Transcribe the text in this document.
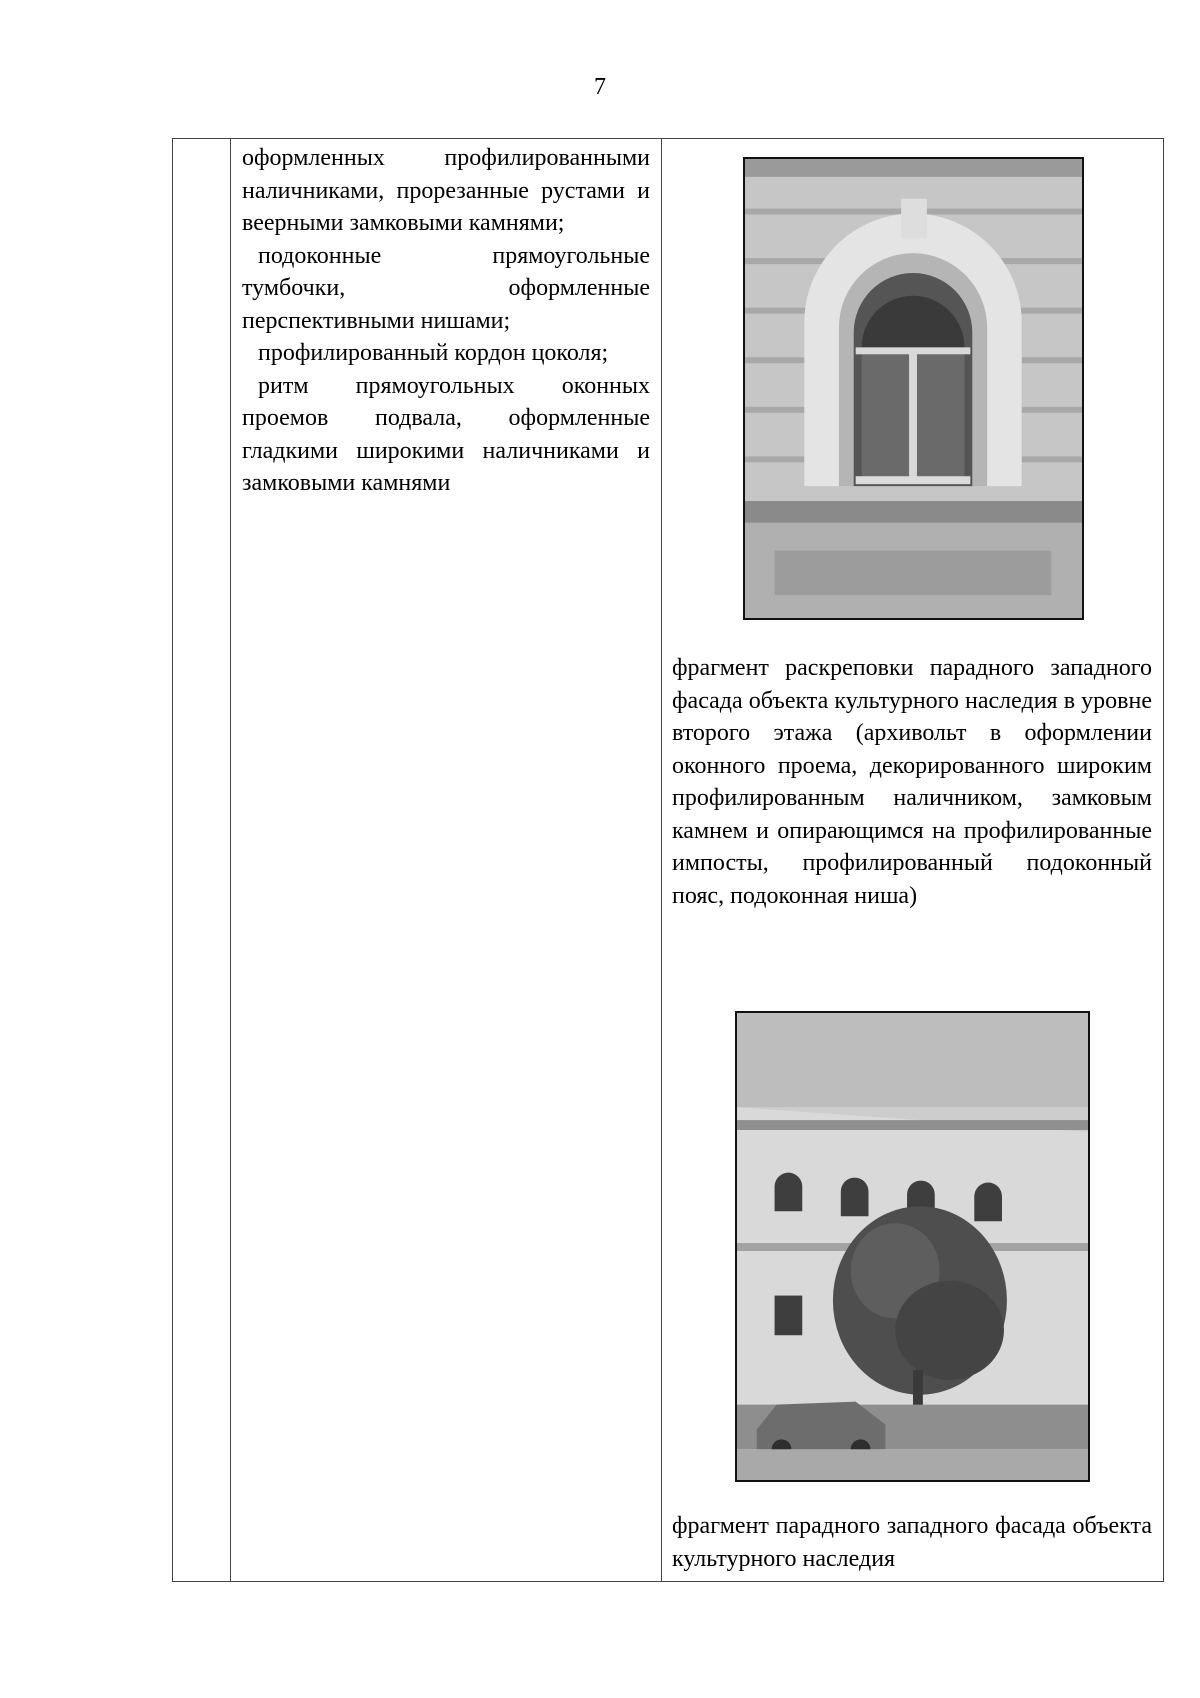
7

оформленных профилированными наличниками, прорезанные рустами и веерными замковыми камнями;

подоконные прямоугольные тумбочки, оформленные перспективными нишами;

профилированный кордон цоколя;

ритм прямоугольных оконных проемов подвала, оформленные гладкими широкими наличниками и замковыми камнями

фрагмент раскреповки парадного западного фасада объекта культурного наследия в уровне второго этажа (архивольт в оформлении оконного проема, декорированного широким профилированным наличником, замковым камнем и опирающимся на профилированные импосты, профилированный подоконный пояс, подоконная ниша)
фрагмент парадного западного фасада объекта культурного наследия
